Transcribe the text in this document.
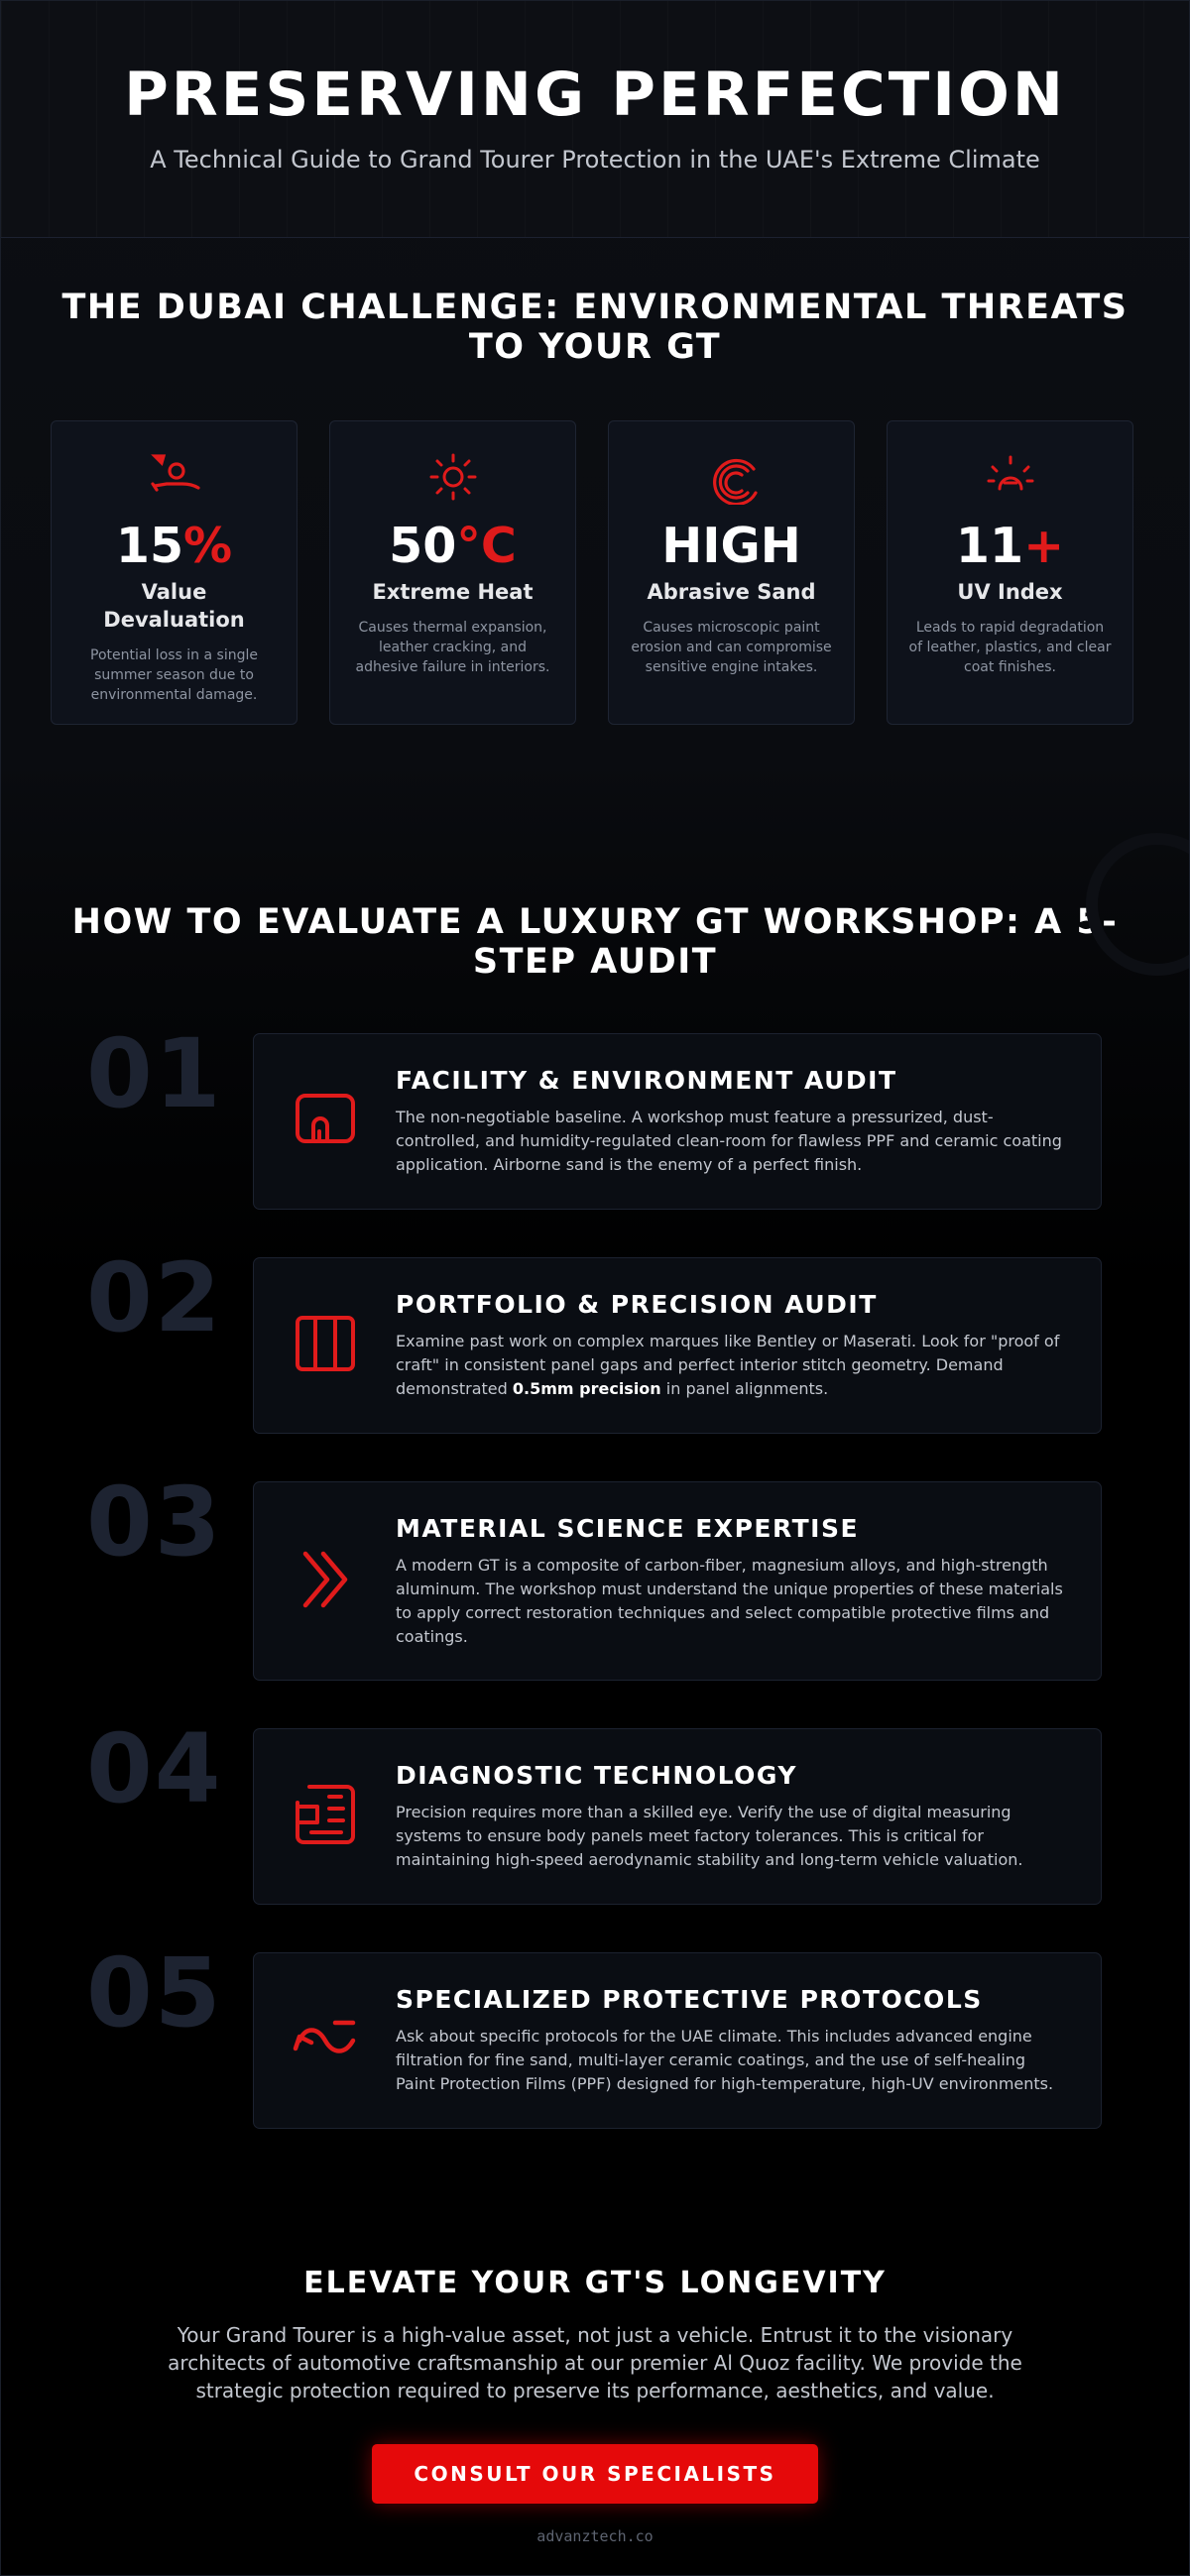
PRESERVING PERFECTION
A Technical Guide to Grand Tourer Protection in the UAE's Extreme Climate
THE DUBAI CHALLENGE: ENVIRONMENTAL THREATS TO YOUR GT
15%
Value Devaluation
Potential loss in a single summer season due to environmental damage.
50°C
Extreme Heat
Causes thermal expansion, leather cracking, and adhesive failure in interiors.
HIGH
Abrasive Sand
Causes microscopic paint erosion and can compromise sensitive engine intakes.
11+
UV Index
Leads to rapid degradation of leather, plastics, and clear coat finishes.
HOW TO EVALUATE A LUXURY GT WORKSHOP: A 5-STEP AUDIT
01	FACILITY & ENVIRONMENT AUDIT
The non-negotiable baseline. A workshop must feature a pressurized, dust-controlled, and humidity-regulated clean-room for flawless PPF and ceramic coating application. Airborne sand is the enemy of a perfect finish.
02	PORTFOLIO & PRECISION AUDIT
Examine past work on complex marques like Bentley or Maserati. Look for "proof of craft" in consistent panel gaps and perfect interior stitch geometry. Demand demonstrated 0.5mm precision in panel alignments.
03	MATERIAL SCIENCE EXPERTISE
A modern GT is a composite of carbon-fiber, magnesium alloys, and high-strength aluminum. The workshop must understand the unique properties of these materials to apply correct restoration techniques and select compatible protective films and coatings.
04	DIAGNOSTIC TECHNOLOGY
Precision requires more than a skilled eye. Verify the use of digital measuring systems to ensure body panels meet factory tolerances. This is critical for maintaining high-speed aerodynamic stability and long-term vehicle valuation.
05	SPECIALIZED PROTECTIVE PROTOCOLS
Ask about specific protocols for the UAE climate. This includes advanced engine filtration for fine sand, multi-layer ceramic coatings, and the use of self-healing Paint Protection Films (PPF) designed for high-temperature, high-UV environments.
ELEVATE YOUR GT'S LONGEVITY
Your Grand Tourer is a high-value asset, not just a vehicle. Entrust it to the visionary architects of automotive craftsmanship at our premier Al Quoz facility. We provide the strategic protection required to preserve its performance, aesthetics, and value.
CONSULT OUR SPECIALISTS
advanztech.co
